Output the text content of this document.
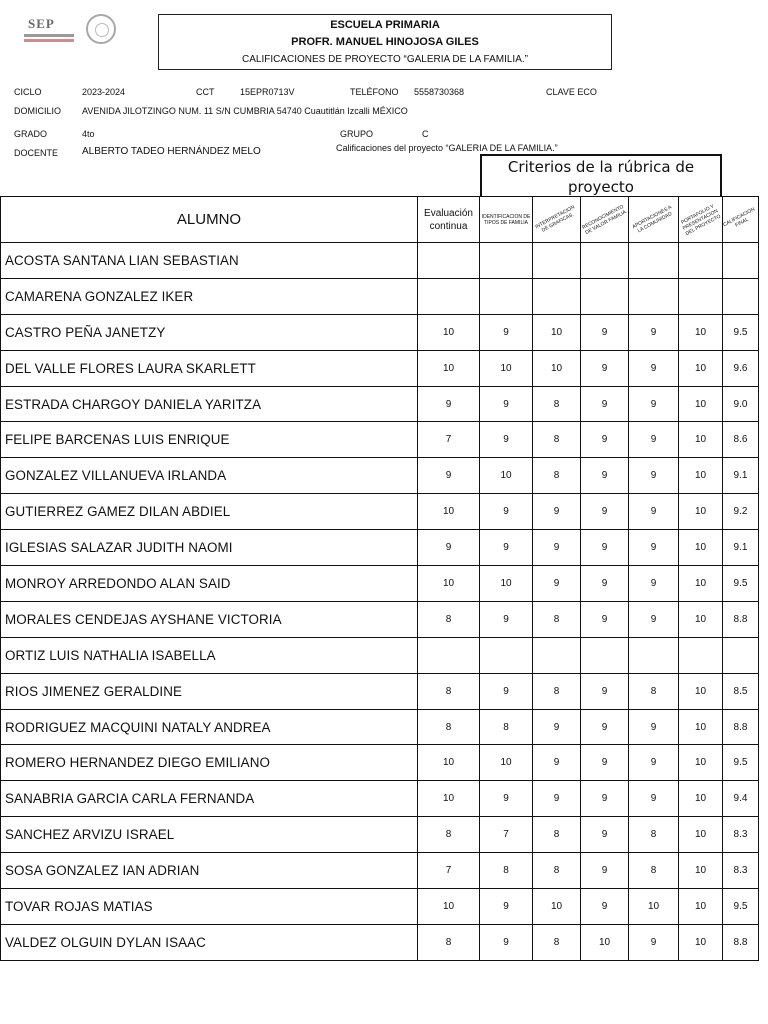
SEP	ESCUELA PRIMARIA
PROFR. MANUEL HINOJOSA GILES
CALIFICACIONES DE PROYECTO “GALERIA DE LA FAMILIA.”
CICLO	2023-2024	CCT	15EPR0713V	TELÉFONO 5558730368	CLAVE ECO
DOMICILIO AVENIDA JILOTZINGO NUM. 11 S/N CUMBRIA 54740 Cuautitlán Izcalli MÉXICO
GRADO	4to	GRUPO	C
Calificaciones del proyecto “GALERIA DE LA FAMILIA.”
DOCENTE ALBERTO TADEO HERNÁNDEZ MELO
Criterios de la rúbrica de proyecto
ALUMNO	Evaluación continua	IDENTIFICACION DE TIPOS DE FAMILIA	INTERPRETACION DE GRAFICAS.	RECONOCIMIENTO DE VALOR FAMILIA	APORTACIONES A LA COMUNIDAD	PORTAFOLIO Y PRESENTACION DEL PROYECTO	CALIFICACION FINAL

ACOSTA SANTANA LIAN SEBASTIAN							
CAMARENA GONZALEZ IKER							
CASTRO PEÑA JANETZY	10	9	10	9	9	10	9.5
DEL VALLE FLORES LAURA SKARLETT	10	10	10	9	9	10	9.6
ESTRADA CHARGOY DANIELA YARITZA	9	9	8	9	9	10	9.0
FELIPE BARCENAS LUIS ENRIQUE	7	9	8	9	9	10	8.6
GONZALEZ VILLANUEVA IRLANDA	9	10	8	9	9	10	9.1
GUTIERREZ GAMEZ DILAN ABDIEL	10	9	9	9	9	10	9.2
IGLESIAS SALAZAR JUDITH NAOMI	9	9	9	9	9	10	9.1
MONROY ARREDONDO ALAN SAID	10	10	9	9	9	10	9.5
MORALES CENDEJAS AYSHANE VICTORIA	8	9	8	9	9	10	8.8
ORTIZ LUIS NATHALIA ISABELLA							
RIOS JIMENEZ GERALDINE	8	9	8	9	8	10	8.5
RODRIGUEZ MACQUINI NATALY ANDREA	8	8	9	9	9	10	8.8
ROMERO HERNANDEZ DIEGO EMILIANO	10	10	9	9	9	10	9.5
SANABRIA GARCIA CARLA FERNANDA	10	9	9	9	9	10	9.4
SANCHEZ ARVIZU ISRAEL	8	7	8	9	8	10	8.3
SOSA GONZALEZ IAN ADRIAN	7	8	8	9	8	10	8.3
TOVAR ROJAS MATIAS	10	9	10	9	10	10	9.5
VALDEZ OLGUIN DYLAN ISAAC	8	9	8	10	9	10	8.8
